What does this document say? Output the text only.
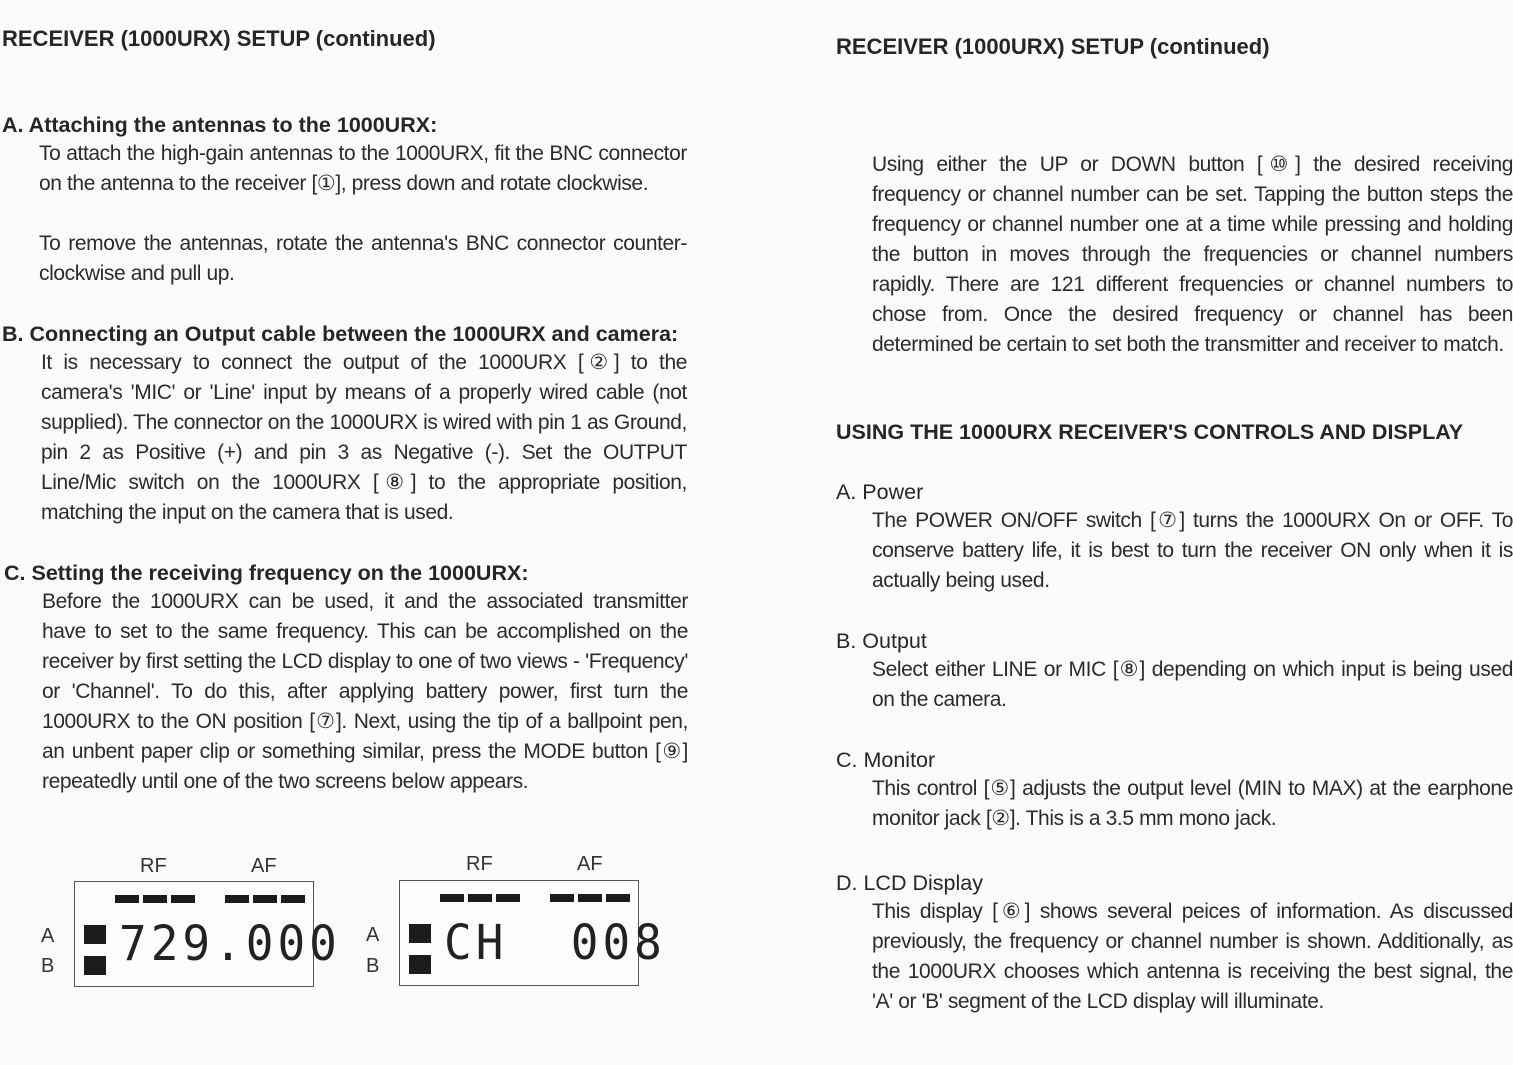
RECEIVER (1000URX) SETUP (continued)
A. Attaching the antennas to the 1000URX:
To attach the high-gain antennas to the 1000URX, fit the BNC connector on the antenna to the receiver [①], press down and rotate clockwise.
To remove the antennas, rotate the antenna's BNC connector counter-clockwise and pull up.
B. Connecting an Output cable between the 1000URX and camera:
It is necessary to connect the output of the 1000URX [②] to the camera's 'MIC' or 'Line' input by means of a properly wired cable (not supplied). The connector on the 1000URX is wired with pin 1 as Ground, pin 2 as Positive (+) and pin 3 as Negative (-). Set the OUTPUT Line/Mic switch on the 1000URX [⑧] to the appropriate position, matching the input on the camera that is used.
C. Setting the receiving frequency on the 1000URX:
Before the 1000URX can be used, it and the associated transmitter have to set to the same frequency. This can be accomplished on the receiver by first setting the LCD display to one of two views - 'Frequency' or 'Channel'. To do this, after applying battery power, first turn the 1000URX to the ON position [⑦]. Next, using the tip of a ballpoint pen, an unbent paper clip or something similar, press the MODE button [⑨] repeatedly until one of the two screens below appears.
RF	AF
A
B 729.000
RF	AF
A
B CH  008
RECEIVER (1000URX) SETUP (continued)
Using either the UP or DOWN button [⑩] the desired receiving frequency or channel number can be set. Tapping the button steps the frequency or channel number one at a time while pressing and holding the button in moves through the frequencies or channel numbers rapidly. There are 121 different frequencies or channel numbers to chose from. Once the desired frequency or channel has been determined be certain to set both the transmitter and receiver to match.
USING THE 1000URX RECEIVER'S CONTROLS AND DISPLAY
A. Power
The POWER ON/OFF switch [⑦] turns the 1000URX On or OFF. To conserve battery life, it is best to turn the receiver ON only when it is actually being used.
B. Output
Select either LINE or MIC [⑧] depending on which input is being used on the camera.
C. Monitor
This control [⑤] adjusts the output level (MIN to MAX) at the earphone monitor jack [②]. This is a 3.5 mm mono jack.
D. LCD Display
This display [⑥] shows several peices of information. As discussed previously, the frequency or channel number is shown. Additionally, as the 1000URX chooses which antenna is receiving the best signal, the 'A' or 'B' segment of the LCD display will illuminate.
